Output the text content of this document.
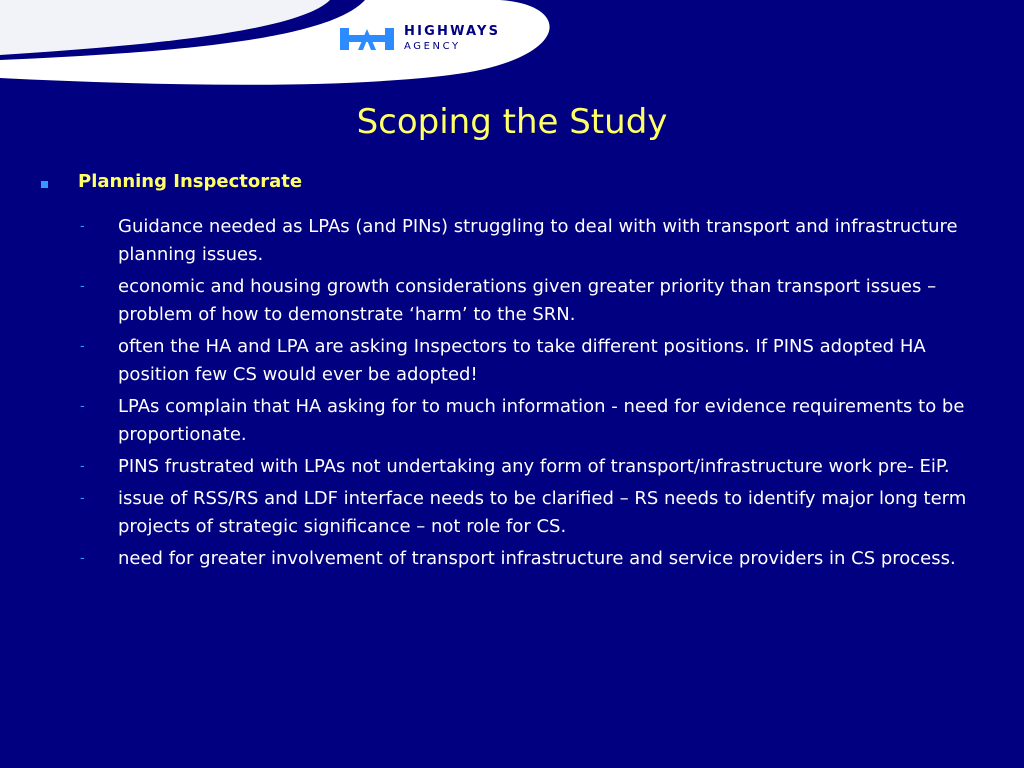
HIGHWAYS
AGENCY
Scoping the Study
Planning Inspectorate
- Guidance needed as LPAs (and PINs) struggling to deal with with transport and infrastructure planning issues.
- economic and housing growth considerations given greater priority than transport issues – problem of how to demonstrate ‘harm’ to the SRN.
- often the HA and LPA are asking Inspectors to take different positions. If PINS adopted HA position few CS would ever be adopted!
- LPAs complain that HA asking for to much information - need for evidence requirements to be proportionate.
- PINS frustrated with LPAs not undertaking any form of transport/infrastructure work pre- EiP.
- issue of RSS/RS and LDF interface needs to be clarified – RS needs to identify major long term projects of strategic significance – not role for CS.
- need for greater involvement of transport infrastructure and service providers in CS process.
